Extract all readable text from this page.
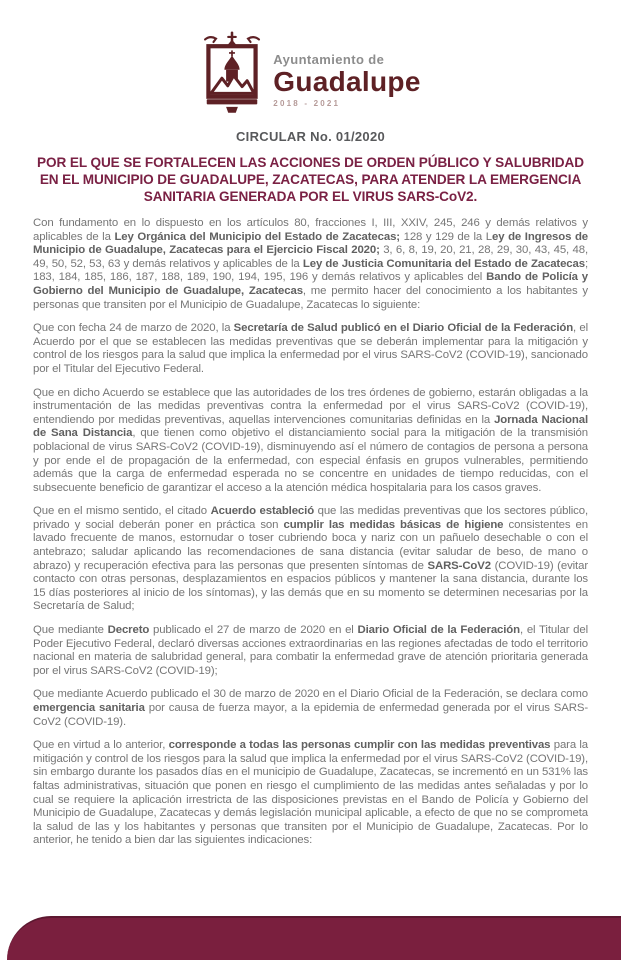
Ayuntamiento de
Guadalupe
2018 - 2021
CIRCULAR No. 01/2020
POR EL QUE SE FORTALECEN LAS ACCIONES DE ORDEN PÚBLICO Y SALUBRIDAD EN EL MUNICIPIO DE GUADALUPE, ZACATECAS, PARA ATENDER LA EMERGENCIA SANITARIA GENERADA POR EL VIRUS SARS-CoV2.

Con fundamento en lo dispuesto en los artículos 80, fracciones I, III, XXIV, 245, 246 y demás relativos y aplicables de la Ley Orgánica del Municipio del Estado de Zacatecas; 128 y 129 de la Ley de Ingresos de Municipio de Guadalupe, Zacatecas para el Ejercicio Fiscal 2020; 3, 6, 8, 19, 20, 21, 28, 29, 30, 43, 45, 48, 49, 50, 52, 53, 63 y demás relativos y aplicables de la Ley de Justicia Comunitaria del Estado de Zacatecas; 183, 184, 185, 186, 187, 188, 189, 190, 194, 195, 196 y demás relativos y aplicables del Bando de Policía y Gobierno del Municipio de Guadalupe, Zacatecas, me permito hacer del conocimiento a los habitantes y personas que transiten por el Municipio de Guadalupe, Zacatecas lo siguiente:

Que con fecha 24 de marzo de 2020, la Secretaría de Salud publicó en el Diario Oficial de la Federación, el Acuerdo por el que se establecen las medidas preventivas que se deberán implementar para la mitigación y control de los riesgos para la salud que implica la enfermedad por el virus SARS-CoV2 (COVID-19), sancionado por el Titular del Ejecutivo Federal.

Que en dicho Acuerdo se establece que las autoridades de los tres órdenes de gobierno, estarán obligadas a la instrumentación de las medidas preventivas contra la enfermedad por el virus SARS-CoV2 (COVID-19), entendiendo por medidas preventivas, aquellas intervenciones comunitarias definidas en la Jornada Nacional de Sana Distancia, que tienen como objetivo el distanciamiento social para la mitigación de la transmisión poblacional de virus SARS-CoV2 (COVID-19), disminuyendo así el número de contagios de persona a persona y por ende el de propagación de la enfermedad, con especial énfasis en grupos vulnerables, permitiendo además que la carga de enfermedad esperada no se concentre en unidades de tiempo reducidas, con el subsecuente beneficio de garantizar el acceso a la atención médica hospitalaria para los casos graves.

Que en el mismo sentido, el citado Acuerdo estableció que las medidas preventivas que los sectores público, privado y social deberán poner en práctica son cumplir las medidas básicas de higiene consistentes en lavado frecuente de manos, estornudar o toser cubriendo boca y nariz con un pañuelo desechable o con el antebrazo; saludar aplicando las recomendaciones de sana distancia (evitar saludar de beso, de mano o abrazo) y recuperación efectiva para las personas que presenten síntomas de SARS-CoV2 (COVID-19) (evitar contacto con otras personas, desplazamientos en espacios públicos y mantener la sana distancia, durante los 15 días posteriores al inicio de los síntomas), y las demás que en su momento se determinen necesarias por la Secretaría de Salud;

Que mediante Decreto publicado el 27 de marzo de 2020 en el Diario Oficial de la Federación, el Titular del Poder Ejecutivo Federal, declaró diversas acciones extraordinarias en las regiones afectadas de todo el territorio nacional en materia de salubridad general, para combatir la enfermedad grave de atención prioritaria generada por el virus SARS-CoV2 (COVID-19);

Que mediante Acuerdo publicado el 30 de marzo de 2020 en el Diario Oficial de la Federación, se declara como emergencia sanitaria por causa de fuerza mayor, a la epidemia de enfermedad generada por el virus SARS-CoV2 (COVID-19).

Que en virtud a lo anterior, corresponde a todas las personas cumplir con las medidas preventivas para la mitigación y control de los riesgos para la salud que implica la enfermedad por el virus SARS-CoV2 (COVID-19), sin embargo durante los pasados días en el municipio de Guadalupe, Zacatecas, se incrementó en un 531% las faltas administrativas, situación que ponen en riesgo el cumplimiento de las medidas antes señaladas y por lo cual se requiere la aplicación irrestricta de las disposiciones previstas en el Bando de Policía y Gobierno del Municipio de Guadalupe, Zacatecas y demás legislación municipal aplicable, a efecto de que no se comprometa la salud de las y los habitantes y personas que transiten por el Municipio de Guadalupe, Zacatecas. Por lo anterior, he tenido a bien dar las siguientes indicaciones:
